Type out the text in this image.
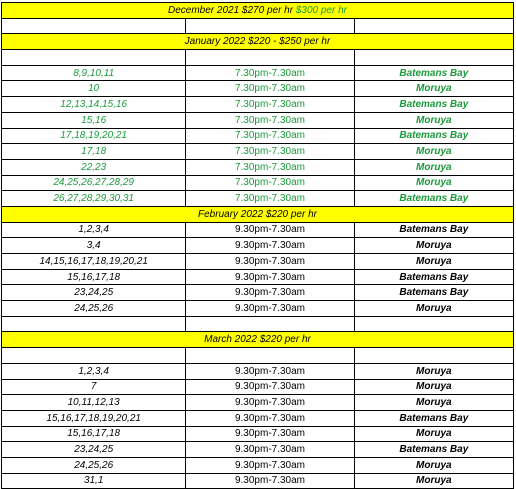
December 2021 $270 per hr $300 per hr		

January 2022 $220 - $250 per hr		

8,9,10,11	7.30pm-7.30am	Batemans Bay
10	7.30pm-7.30am	Moruya
12,13,14,15,16	7.30pm-7.30am	Batemans Bay
15,16	7.30pm-7.30am	Moruya
17,18,19,20,21	7.30pm-7.30am	Batemans Bay
17,18	7.30pm-7.30am	Moruya
22,23	7.30pm-7.30am	Moruya
24,25,26,27,28,29	7.30pm-7.30am	Moruya
26,27,28,29,30,31	7.30pm-7.30am	Batemans Bay
February 2022 $220 per hr		
1,2,3,4	9.30pm-7.30am	Batemans Bay
3,4	9.30pm-7.30am	Moruya
14,15,16,17,18,19,20,21	9.30pm-7.30am	Moruya
15,16,17,18	9.30pm-7.30am	Batemans Bay
23,24,25	9.30pm-7.30am	Batemans Bay
24,25,26	9.30pm-7.30am	Moruya

March 2022 $220 per hr		

1,2,3,4	9.30pm-7.30am	Moruya
7	9.30pm-7.30am	Moruya
10,11,12,13	9.30pm-7.30am	Moruya
15,16,17,18,19,20,21	9.30pm-7.30am	Batemans Bay
15,16,17,18	9.30pm-7.30am	Moruya
23,24,25	9.30pm-7.30am	Batemans Bay
24,25,26	9.30pm-7.30am	Moruya
31,1	9.30pm-7.30am	Moruya
